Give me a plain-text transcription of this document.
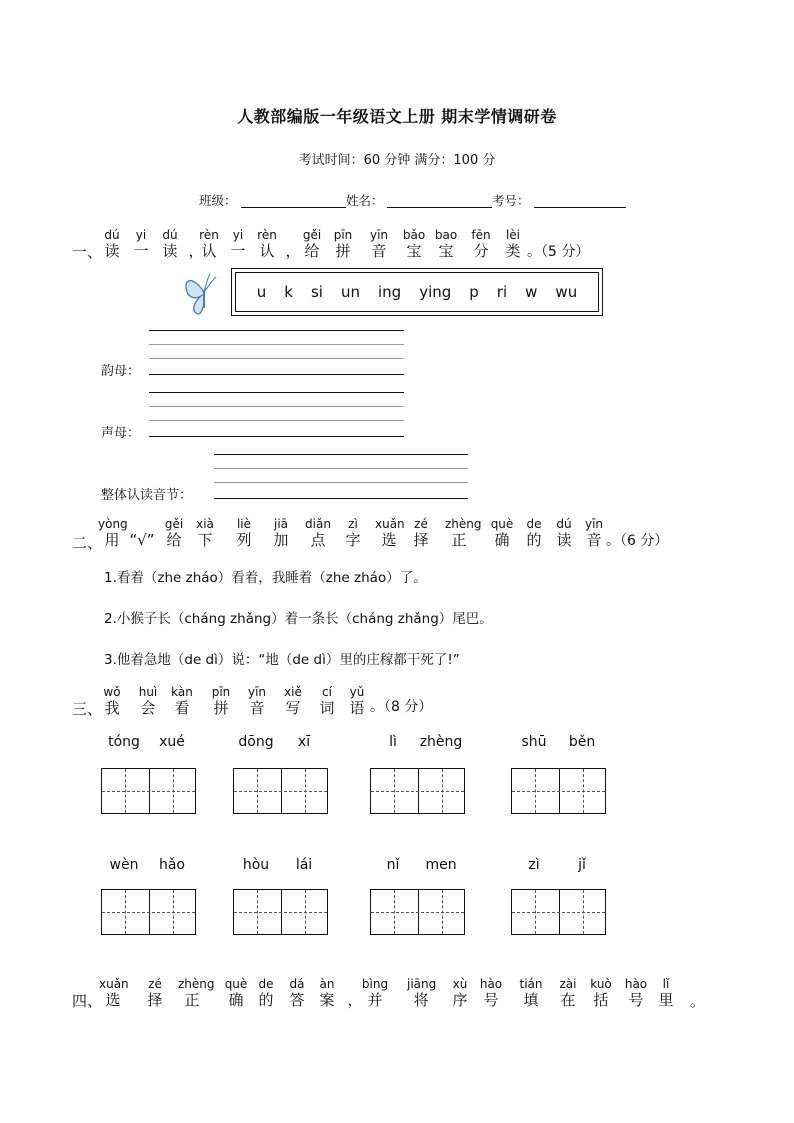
人教部编版一年级语文上册 期末学情调研卷
考试时间：60 分钟 满分：100 分
班级：	姓名：	考号：
一、
dú
读
yi
一
dú
读 ，
rèn
认
yi
一
rèn
认 ，
gěi
给
pīn
拼
yīn
音
bǎo
宝
bao
宝
fēn
分
lèi
类 。（5 分）
u k si un ing ying p ri w wu
韵母：
声母：
整体认读音节：
二、
yòng
用 “√”
gěi
给
xià
下
liè
列
jiā
加
diǎn
点
zì
字
xuǎn
选
zé
择
zhèng
正
què
确
de
的
dú
读
yīn
音 。（6 分）
1.看着（zhe zháo）看着，我睡着（zhe zháo）了。
2.小猴子长（cháng zhǎng）着一条长（cháng zhǎng）尾巴。
3.他着急地（de dì）说：“地（de dì）里的庄稼都干死了!”
三、
wǒ
我
huì
会
kàn
看
pīn
拼
yīn
音
xiě
写
cí
词
yǔ
语 。（8 分）
tóng xué	dōng xī	lì zhèng	shū běn
wèn hǎo	hòu lái	nǐ men	zì	jǐ
四、
xuǎn
选
zé
择
zhèng
正
què
确
de
的
dá
答
àn
案 ，
bìng
并
jiāng
将
xù
序
hào
号
tián
填
zài
在
kuò
括
hào
号
lǐ
里	。
